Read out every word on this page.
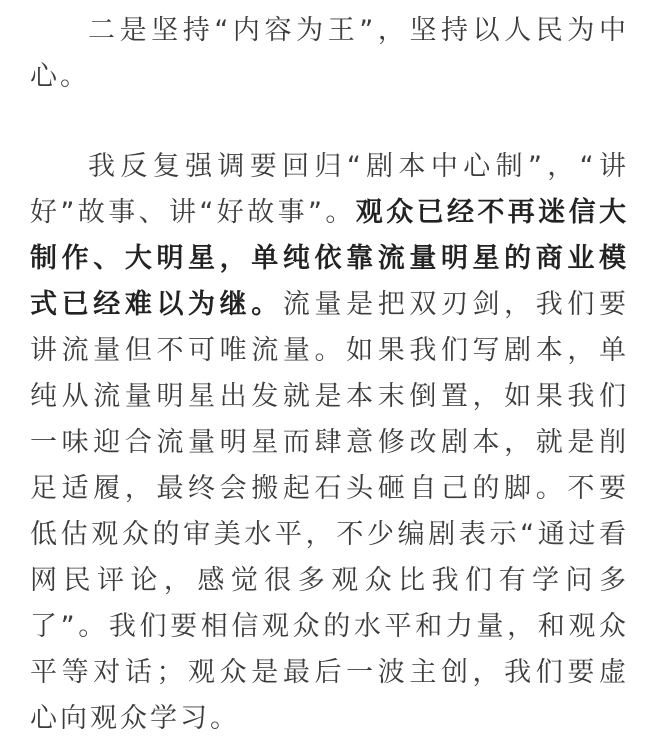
二是坚持“内容为王”，坚持以人民为中心。

我反复强调要回归“剧本中心制”，“讲好”故事、讲“好故事”。观众已经不再迷信大制作、大明星，单纯依靠流量明星的商业模式已经难以为继。流量是把双刃剑，我们要讲流量但不可唯流量。如果我们写剧本，单纯从流量明星出发就是本末倒置，如果我们一味迎合流量明星而肆意修改剧本，就是削足适履，最终会搬起石头砸自己的脚。不要低估观众的审美水平，不少编剧表示“通过看网民评论，感觉很多观众比我们有学问多了”。我们要相信观众的水平和力量，和观众平等对话；观众是最后一波主创，我们要虚心向观众学习。
